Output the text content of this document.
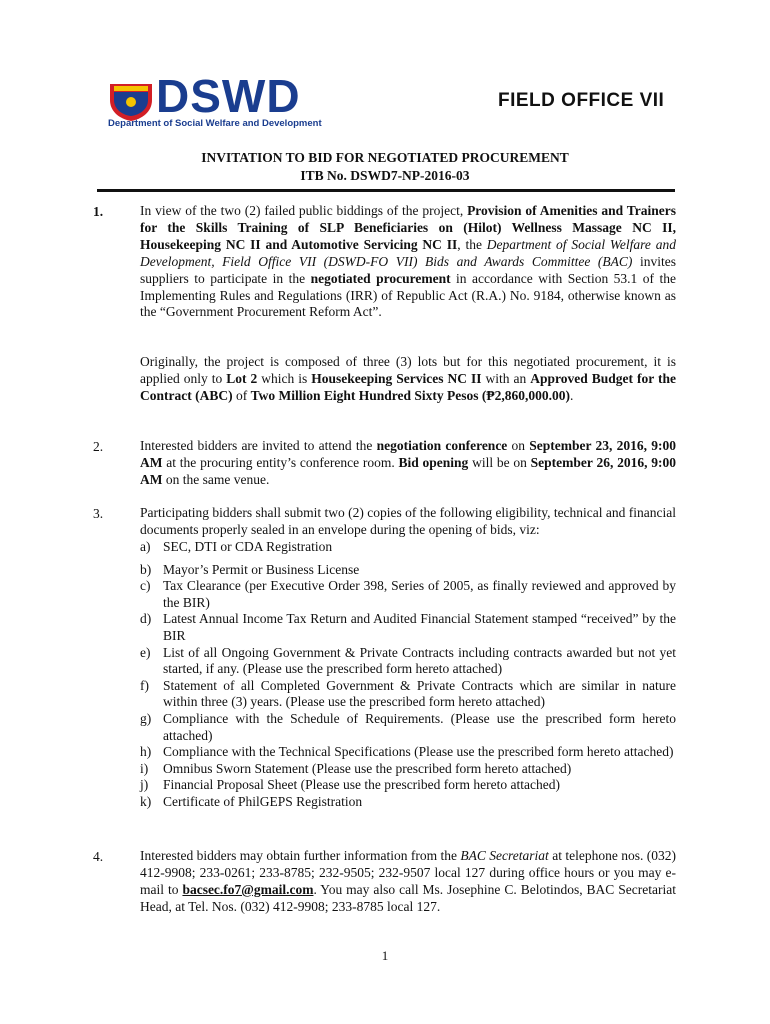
DSWD
Department of Social Welfare and Development
FIELD OFFICE VII
INVITATION TO BID FOR NEGOTIATED PROCUREMENT
ITB No. DSWD7-NP-2016-03
1.	In view of the two (2) failed public biddings of the project, Provision of Amenities and Trainers for the Skills Training of SLP Beneficiaries on (Hilot) Wellness Massage NC II, Housekeeping NC II and Automotive Servicing NC II, the Department of Social Welfare and Development, Field Office VII (DSWD-FO VII) Bids and Awards Committee (BAC) invites suppliers to participate in the negotiated procurement in accordance with Section 53.1 of the Implementing Rules and Regulations (IRR) of Republic Act (R.A.) No. 9184, otherwise known as the “Government Procurement Reform Act”.
Originally, the project is composed of three (3) lots but for this negotiated procurement, it is applied only to Lot 2 which is Housekeeping Services NC II with an Approved Budget for the Contract (ABC) of Two Million Eight Hundred Sixty Pesos (₱2,860,000.00).
2.	Interested bidders are invited to attend the negotiation conference on September 23, 2016, 9:00 AM at the procuring entity’s conference room. Bid opening will be on September 26, 2016, 9:00 AM on the same venue.
3.	Participating bidders shall submit two (2) copies of the following eligibility, technical and financial documents properly sealed in an envelope during the opening of bids, viz:
a) SEC, DTI or CDA Registration
b) Mayor’s Permit or Business License
c) Tax Clearance (per Executive Order 398, Series of 2005, as finally reviewed and approved by the BIR)
d) Latest Annual Income Tax Return and Audited Financial Statement stamped “received” by the BIR
e) List of all Ongoing Government & Private Contracts including contracts awarded but not yet started, if any. (Please use the prescribed form hereto attached)
f) Statement of all Completed Government & Private Contracts which are similar in nature within three (3) years. (Please use the prescribed form hereto attached)
g) Compliance with the Schedule of Requirements. (Please use the prescribed form hereto attached)
h) Compliance with the Technical Specifications (Please use the prescribed form hereto attached)
i) Omnibus Sworn Statement (Please use the prescribed form hereto attached)
j) Financial Proposal Sheet (Please use the prescribed form hereto attached)
k) Certificate of PhilGEPS Registration
4.	Interested bidders may obtain further information from the BAC Secretariat at telephone nos. (032) 412-9908; 233-0261; 233-8785; 232-9505; 232-9507 local 127 during office hours or you may e-mail to bacsec.fo7@gmail.com. You may also call Ms. Josephine C. Belotindos, BAC Secretariat Head, at Tel. Nos. (032) 412-9908; 233-8785 local 127.
1
